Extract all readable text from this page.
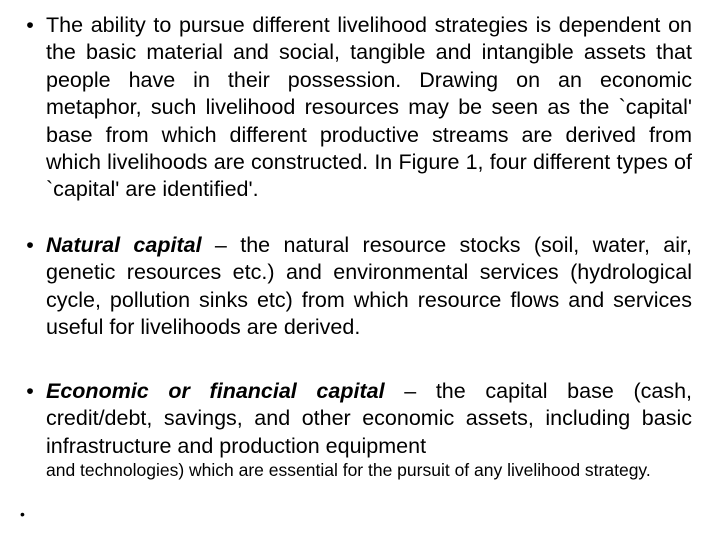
• The ability to pursue different livelihood strategies is dependent on the basic material and social, tangible and intangible assets that people have in their possession. Drawing on an economic metaphor, such livelihood resources may be seen as the `capital' base from which different productive streams are derived from which livelihoods are constructed. In Figure 1, four different types of `capital' are identified'.
• Natural capital – the natural resource stocks (soil, water, air, genetic resources etc.) and environmental services (hydrological cycle, pollution sinks etc) from which resource flows and services useful for livelihoods are derived.
• Economic or financial capital – the capital base (cash, credit/debt, savings, and other economic assets, including basic infrastructure and production equipment
and technologies) which are essential for the pursuit of any livelihood strategy.
•
